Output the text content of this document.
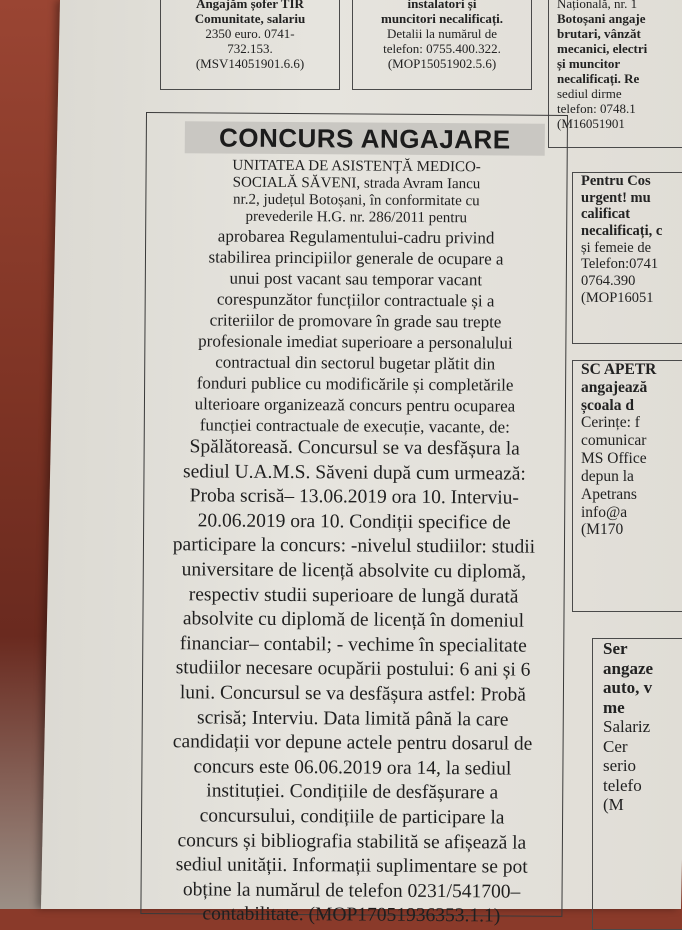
Angajăm șofer TIR
Comunitate, salariu
2350 euro. 0741-
732.153.
(MSV14051901.6.6)
instalatori și
muncitori necalificați.
Detalii la numărul de
telefon: 0755.400.322.
(MOP15051902.5.6)
Națională, nr. 1
Botoșani angaje
brutari, vânzăt
mecanici, electri
și muncitor
necalificați. Re
sediul dirme
telefon: 0748.1
(M16051901
Pentru Cos
urgent! mu
calificat
necalificați, c
și femeie de
Telefon:0741
0764.390
(MOP16051
SC APETR
angajează
școala d
Cerințe: f
comunicar
MS Office
depun la
Apetrans
info@a
(M170
Ser
angaze
auto, v
me
Salariz
Cer
serio
telefo
(M
CONCURS ANGAJARE
UNITATEA DE ASISTENȚĂ MEDICO-
SOCIALĂ SĂVENI, strada Avram Iancu
nr.2, județul Botoșani, în conformitate cu
prevederile H.G. nr. 286/2011 pentru
aprobarea Regulamentului-cadru privind
stabilirea principiilor generale de ocupare a
unui post vacant sau temporar vacant
corespunzător funcțiilor contractuale și a
criteriilor de promovare în grade sau trepte
profesionale imediat superioare a personalului
contractual din sectorul bugetar plătit din
fonduri publice cu modificările și completările
ulterioare organizează concurs pentru ocuparea
funcției contractuale de execuție, vacante, de:
Spălătoreasă. Concursul se va desfășura la
sediul U.A.M.S. Săveni după cum urmează:
Proba scrisă– 13.06.2019 ora 10. Interviu-
20.06.2019 ora 10. Condiții specifice de
participare la concurs: -nivelul studiilor: studii
universitare de licență absolvite cu diplomă,
respectiv studii superioare de lungă durată
absolvite cu diplomă de licență în domeniul
financiar– contabil; - vechime în specialitate
studiilor necesare ocupării postului: 6 ani și 6
luni. Concursul se va desfășura astfel: Probă
scrisă; Interviu. Data limită până la care
candidații vor depune actele pentru dosarul de
concurs este 06.06.2019 ora 14, la sediul
instituției. Condițiile de desfășurare a
concursului, condițiile de participare la
concurs și bibliografia stabilită se afișează la
sediul unității. Informații suplimentare se pot
obține la numărul de telefon 0231/541700–
contabilitate. (MOP17051936353.1.1)
